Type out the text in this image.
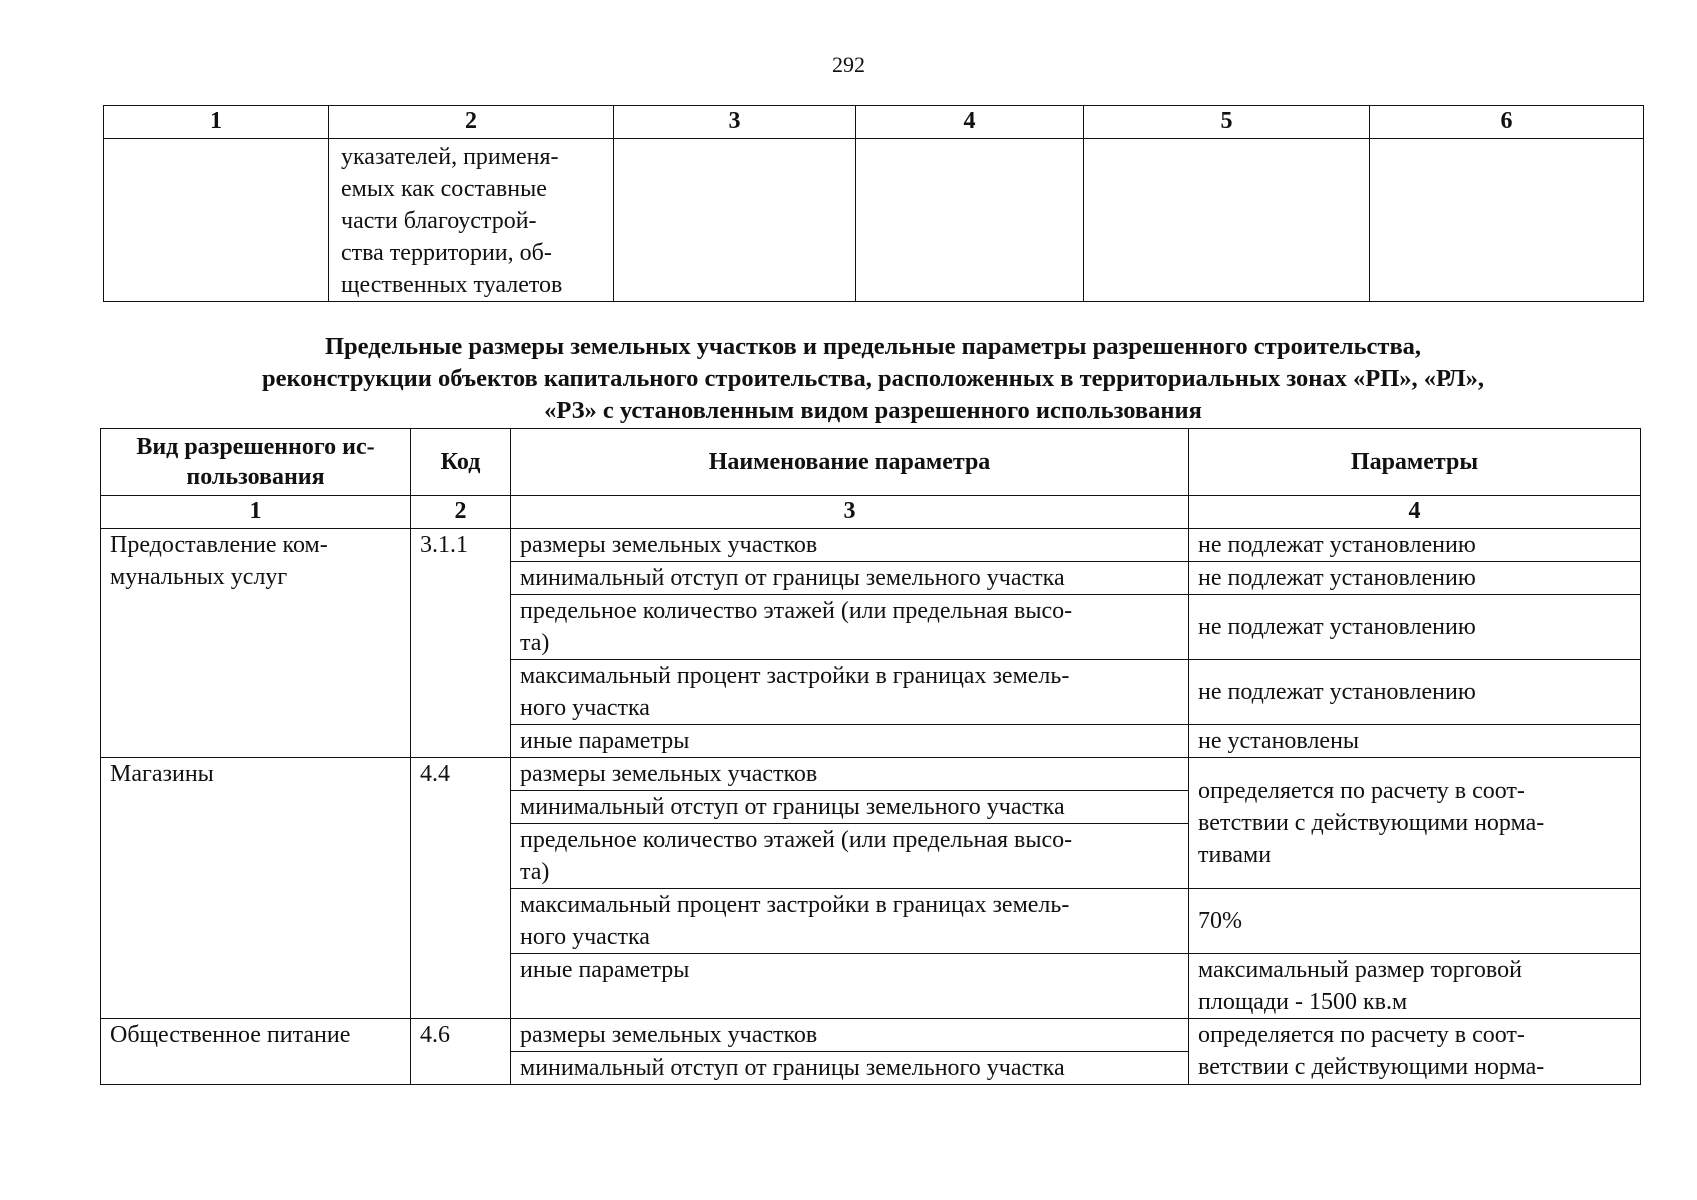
292
1	2	3	4	5	6

	указателей, применя-
емых как составные
части благоустрой-
ства территории, об-
щественных туалетов				

Предельные размеры земельных участков и предельные параметры разрешенного строительства,
реконструкции объектов капитального строительства, расположенных в территориальных зонах «РП», «РЛ»,
«РЗ» с установленным видом разрешенного использования
Вид разрешенного ис-
пользования	Код	Наименование параметра	Параметры
1	2	3	4

Предоставление ком-
мунальных услуг	3.1.1	размеры земельных участков	не подлежат установлению

		минимальный отступ от границы земельного участка	не подлежат установлению

		предельное количество этажей (или предельная высо-
та)	не подлежат установлению

		максимальный процент застройки в границах земель-
ного участка	не подлежат установлению

		иные параметры	не установлены

Магазины	4.4	размеры земельных участков	определяется по расчету в соот-
ветствии с действующими норма-
тивами

		минимальный отступ от границы земельного участка	

		предельное количество этажей (или предельная высо-
та)	

		максимальный процент застройки в границах земель-
ного участка	70%

		иные параметры	максимальный размер торговой
площади - 1500 кв.м

Общественное питание	4.6	размеры земельных участков	определяется по расчету в соот-
ветствии с действующими норма-

		минимальный отступ от границы земельного участка	
